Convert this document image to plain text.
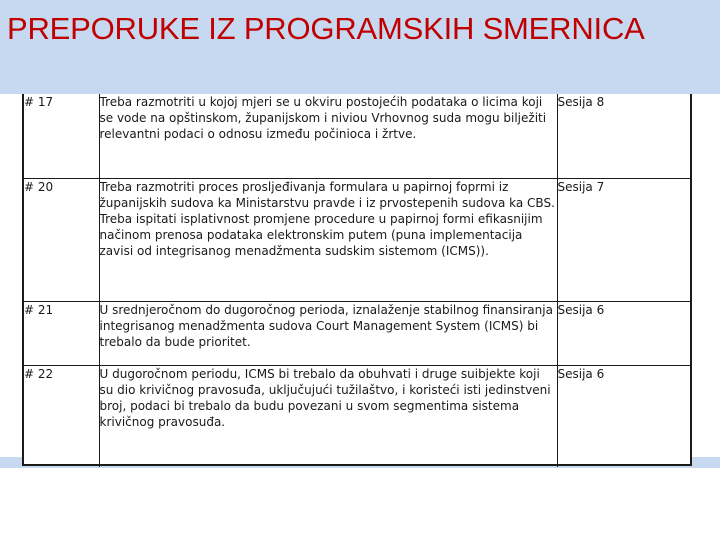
PREPORUKE IZ PROGRAMSKIH SMERNICA
# 17	Treba razmotriti u kojoj mjeri se u okviru postojećih podataka o licima koji se vode na opštinskom, županijskom i niviou Vrhovnog suda mogu bilježiti relevantni podaci o odnosu između počinioca i žrtve.	Sesija 8
# 20	Treba razmotriti proces prosljeđivanja formulara u papirnoj foprmi iz županijskih sudova ka Ministarstvu pravde i iz prvostepenih sudova ka CBS. Treba ispitati isplativnost promjene procedure u papirnoj formi efikasnijim načinom prenosa podataka elektronskim putem (puna implementacija zavisi od integrisanog menadžmenta sudskim sistemom (ICMS)).	Sesija 7
# 21	U srednjeročnom do dugoročnog perioda, iznalaženje stabilnog finansiranja integrisanog menadžmenta sudova Court Management System (ICMS) bi trebalo da bude prioritet.	Sesija 6
# 22	U dugoročnom periodu, ICMS bi trebalo da obuhvati i druge suibjekte koji su dio krivičnog pravosuđa, uključujući tužilaštvo, i koristeći isti jedinstveni broj, podaci bi trebalo da budu povezani u svom segmentima sistema krivičnog pravosuđa.	Sesija 6
